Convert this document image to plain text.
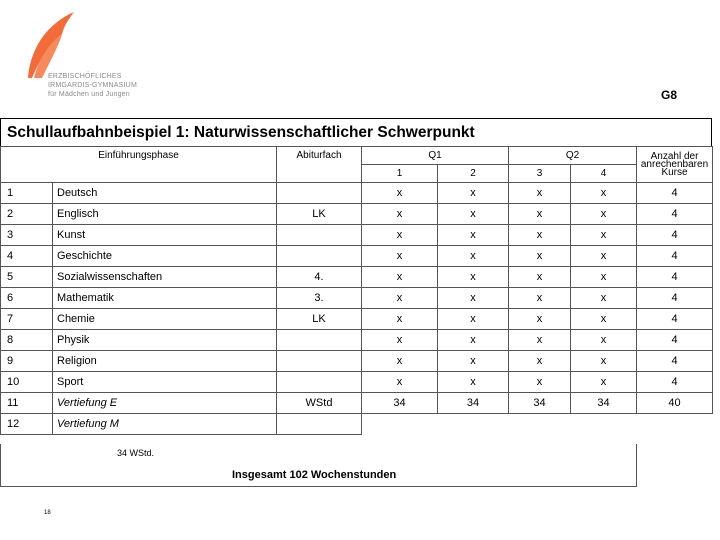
ERZBISCHÖFLICHES
IRMGARDIS-GYMNASIUM
für Mädchen und Jungen	G8
Schullaufbahnbeispiel 1: Naturwissenschaftlicher Schwerpunkt
Einführungsphase		Abiturfach	Q1		Q2		Anzahl der anrechenbaren Kurse
			1	2	3	4	
1	Deutsch		x	x	x	x	4
2	Englisch	LK	x	x	x	x	4
3	Kunst		x	x	x	x	4
4	Geschichte		x	x	x	x	4
5	Sozialwissenschaften	4.	x	x	x	x	4
6	Mathematik	3.	x	x	x	x	4
7	Chemie	LK	x	x	x	x	4
8	Physik		x	x	x	x	4
9	Religion		x	x	x	x	4
10	Sport		x	x	x	x	4
11	Vertiefung E	WStd	34	34	34	34	40
12	Vertiefung M						
34 WStd.
Insgesamt 102 Wochenstunden
18
